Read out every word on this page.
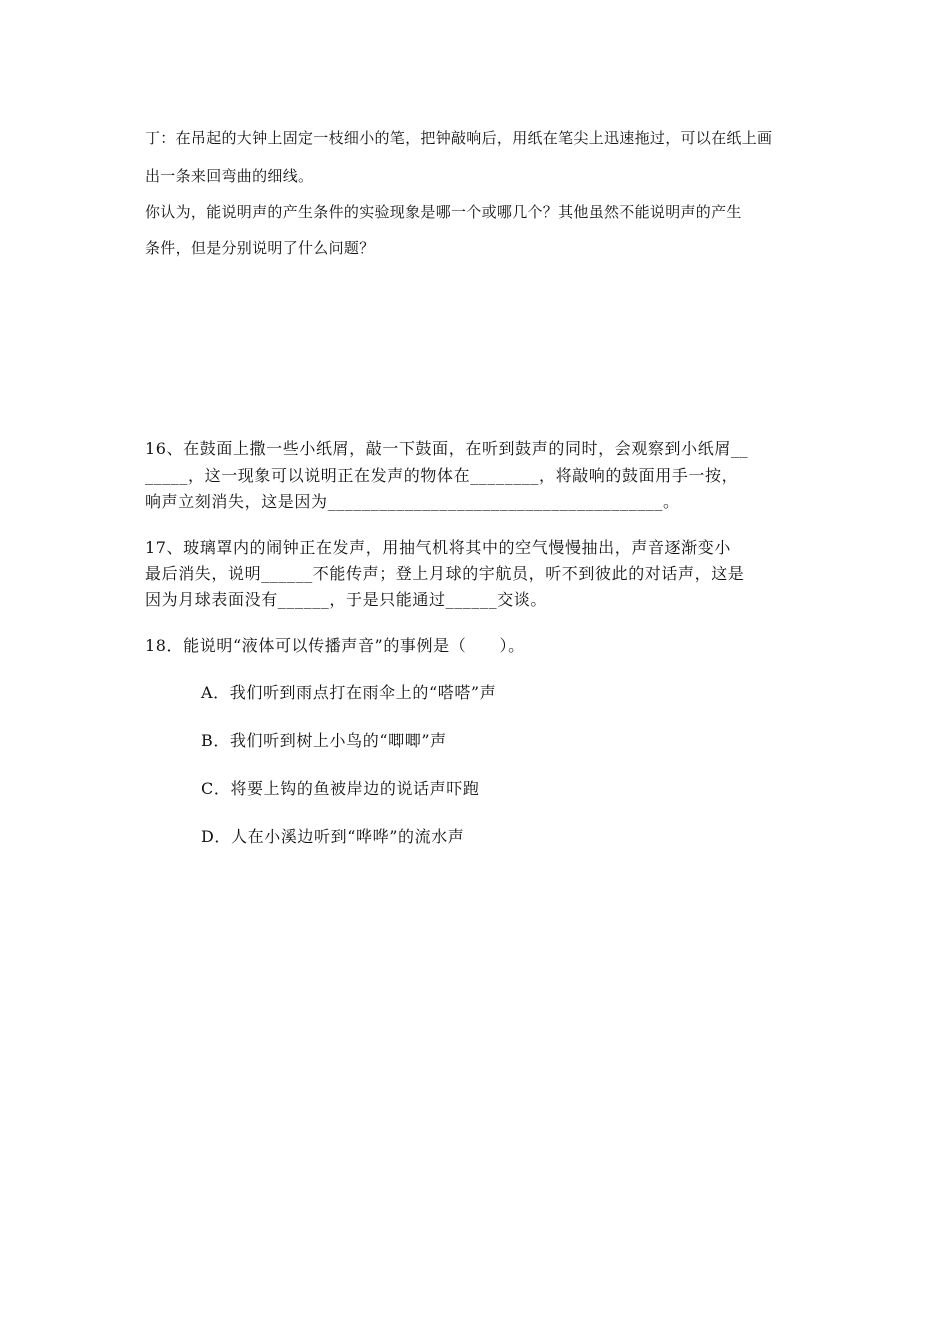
丁：在吊起的大钟上固定一枝细小的笔，把钟敲响后，用纸在笔尖上迅速拖过，可以在纸上画
出一条来回弯曲的细线。
你认为，能说明声的产生条件的实验现象是哪一个或哪几个？其他虽然不能说明声的产生
条件，但是分别说明了什么问题？
16、在鼓面上撒一些小纸屑，敲一下鼓面，在听到鼓声的同时，会观察到小纸屑__
_____，这一现象可以说明正在发声的物体在________，将敲响的鼓面用手一按，
响声立刻消失，这是因为_______________________________________。
17、玻璃罩内的闹钟正在发声，用抽气机将其中的空气慢慢抽出，声音逐渐变小
最后消失，说明______不能传声；登上月球的宇航员，听不到彼此的对话声，这是
因为月球表面没有______，于是只能通过______交谈。
18．能说明“液体可以传播声音”的事例是（　　）。
A．我们听到雨点打在雨伞上的“嗒嗒”声
B．我们听到树上小鸟的“唧唧”声
C．将要上钩的鱼被岸边的说话声吓跑
D．人在小溪边听到“哗哗”的流水声
